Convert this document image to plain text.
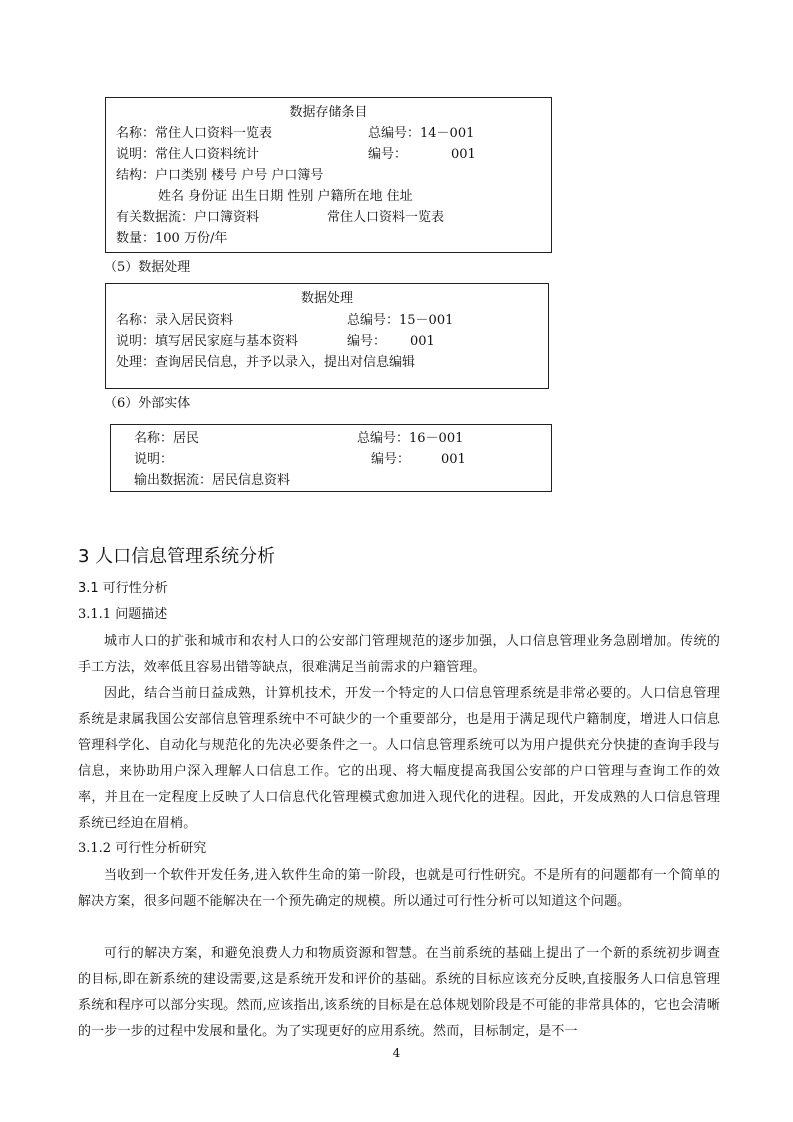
数据存储条目
名称：常住人口资料一览表	总编号：14－001
说明：常住人口资料统计	编号：	001
结构：户口类别 楼号 户号 户口簿号
姓名 身份证 出生日期 性别 户籍所在地 住址
有关数据流：户口簿资料	常住人口资料一览表
数量：100 万份/年
（5）数据处理
数据处理
名称：录入居民资料	总编号：15－001
说明：填写居民家庭与基本资料	编号： 001
处理：查询居民信息，并予以录入，提出对信息编辑
（6）外部实体
名称：居民	总编号：16－001
说明：	编号： 001
输出数据流：居民信息资料
3 人口信息管理系统分析
3.1 可行性分析
3.1.1 问题描述
城市人口的扩张和城市和农村人口的公安部门管理规范的逐步加强，人口信息管理业务急剧增加。传统的手工方法，效率低且容易出错等缺点，很难满足当前需求的户籍管理。
因此，结合当前日益成熟，计算机技术，开发一个特定的人口信息管理系统是非常必要的。人口信息管理系统是隶属我国公安部信息管理系统中不可缺少的一个重要部分，也是用于满足现代户籍制度，增进人口信息管理科学化、自动化与规范化的先决必要条件之一。人口信息管理系统可以为用户提供充分快捷的查询手段与信息，来协助用户深入理解人口信息工作。它的出现、将大幅度提高我国公安部的户口管理与查询工作的效率，并且在一定程度上反映了人口信息代化管理模式愈加进入现代化的进程。因此，开发成熟的人口信息管理系统已经迫在眉梢。
3.1.2 可行性分析研究
当收到一个软件开发任务,进入软件生命的第一阶段，也就是可行性研究。不是所有的问题都有一个简单的解决方案，很多问题不能解决在一个预先确定的规模。所以通过可行性分析可以知道这个问题。
可行的解决方案，和避免浪费人力和物质资源和智慧。在当前系统的基础上提出了一个新的系统初步调查的目标,即在新系统的建设需要,这是系统开发和评价的基础。系统的目标应该充分反映,直接服务人口信息管理系统和程序可以部分实现。然而,应该指出,该系统的目标是在总体规划阶段是不可能的非常具体的，它也会清晰的一步一步的过程中发展和量化。为了实现更好的应用系统。然而，目标制定，是不一
4
